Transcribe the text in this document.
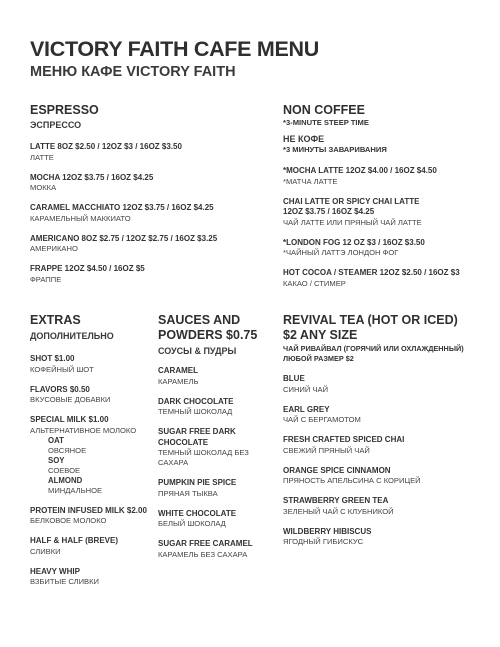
VICTORY FAITH CAFE MENU
МЕНЮ КАФЕ VICTORY FAITH
ESPRESSO
ЭСПРЕССО
LATTE 8OZ $2.50 / 12OZ $3 / 16OZ $3.50
ЛАТТЕ
MOCHA 12OZ $3.75 / 16OZ $4.25
МОККА
CARAMEL MACCHIATO 12OZ $3.75 / 16OZ $4.25
КАРАМЕЛЬНЫЙ МАККИАТО
AMERICANO 8OZ $2.75 / 12OZ $2.75 / 16OZ $3.25
АМЕРИКАНО
FRAPPE 12OZ $4.50 / 16OZ $5
ФРАППЕ
NON COFFEE
*3-MINUTE STEEP TIME
НЕ КОФЕ
*3 МИНУТЫ ЗАВАРИВАНИЯ
*MOCHA LATTE 12OZ $4.00 / 16OZ $4.50
*МАТЧА ЛАТТЕ
CHAI LATTE OR SPICY CHAI LATTE
12OZ $3.75 / 16OZ $4.25
ЧАЙ ЛАТТЕ ИЛИ ПРЯНЫЙ ЧАЙ ЛАТТЕ
*LONDON FOG 12 OZ $3 / 16OZ $3.50
*ЧАЙНЫЙ ЛАТТЭ ЛОНДОН ФОГ
HOT COCOA / STEAMER 12OZ $2.50 / 16OZ $3
КАКАО / СТИМЕР
EXTRAS
ДОПОЛНИТЕЛЬНО
SHOT $1.00
КОФЕЙНЫЙ ШОТ
FLAVORS $0.50
ВКУСОВЫЕ ДОБАВКИ
SPECIAL MILK $1.00
АЛЬТЕРНАТИВНОЕ МОЛОКО
OAT
ОВСЯНОЕ
SOY
СОЕВОЕ
ALMOND
МИНДАЛЬНОЕ
PROTEIN INFUSED MILK $2.00
БЕЛКОВОЕ МОЛОКО
HALF & HALF (BREVE)
СЛИВКИ
HEAVY WHIP
ВЗБИТЫЕ СЛИВКИ
SAUCES AND
POWDERS $0.75
СОУСЫ & ПУДРЫ
CARAMEL
КАРАМЕЛЬ
DARK CHOCOLATE
ТЕМНЫЙ ШОКОЛАД
SUGAR FREE DARK
CHOCOLATE
ТЕМНЫЙ ШОКОЛАД БЕЗ
САХАРА
PUMPKIN PIE SPICE
ПРЯНАЯ ТЫКВА
WHITE CHOCOLATE
БЕЛЫЙ ШОКОЛАД
SUGAR FREE CARAMEL
КАРАМЕЛЬ БЕЗ САХАРА
REVIVAL TEA (HOT OR ICED)
$2 ANY SIZE
ЧАЙ РИВАЙВАЛ (ГОРЯЧИЙ ИЛИ ОХЛАЖДЕННЫЙ)
ЛЮБОЙ РАЗМЕР $2
BLUE
СИНИЙ ЧАЙ
EARL GREY
ЧАЙ С БЕРГАМОТОМ
FRESH CRAFTED SPICED CHAI
СВЕЖИЙ ПРЯНЫЙ ЧАЙ
ORANGE SPICE CINNAMON
ПРЯНОСТЬ АПЕЛЬСИНА С КОРИЦЕЙ
STRAWBERRY GREEN TEA
ЗЕЛЕНЫЙ ЧАЙ С КЛУБНИКОЙ
WILDBERRY HIBISCUS
ЯГОДНЫЙ ГИБИСКУС
